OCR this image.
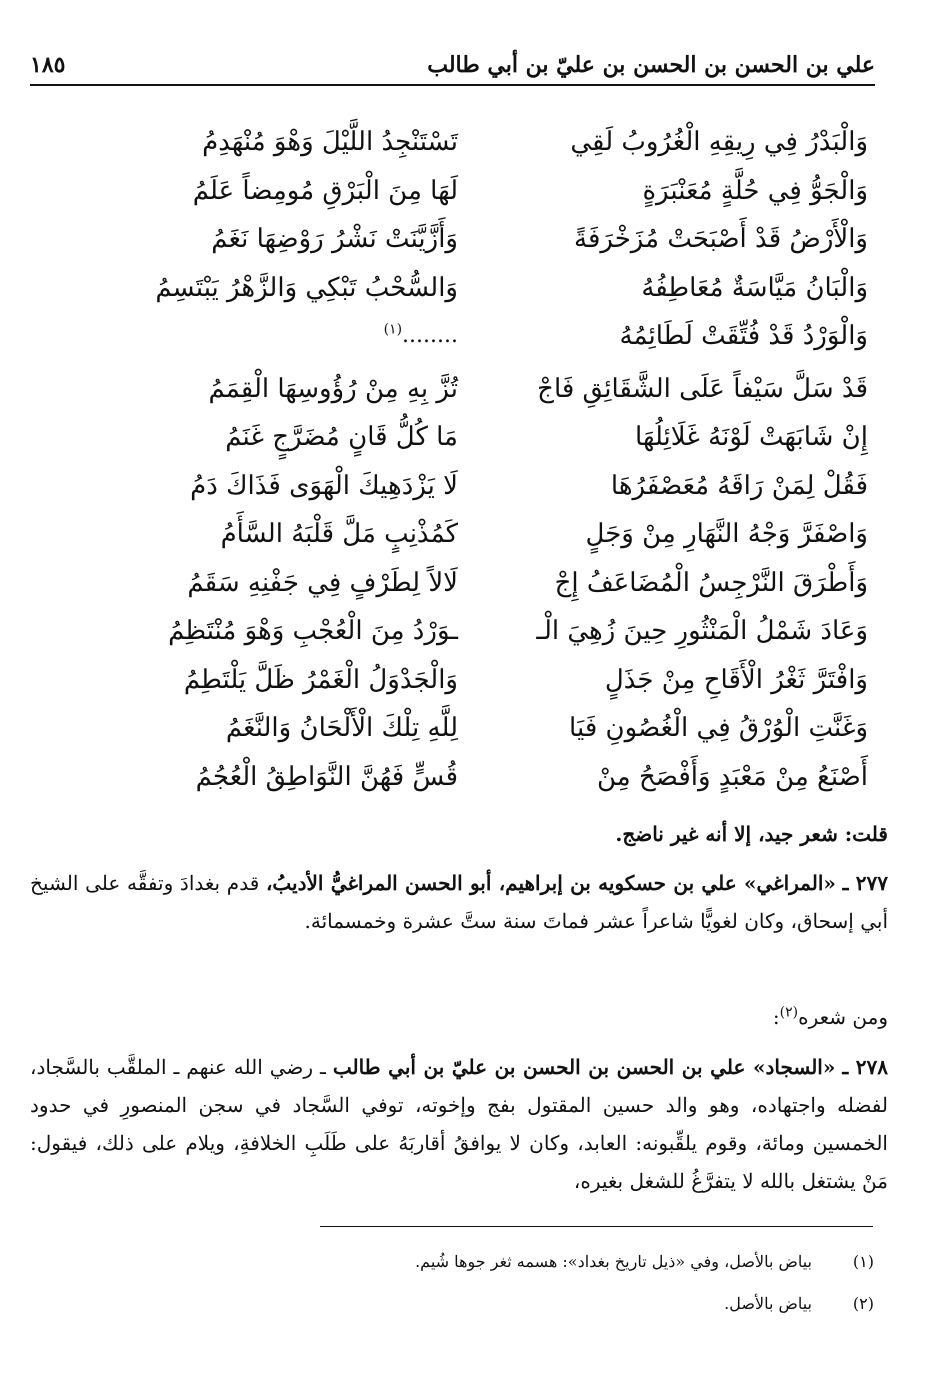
علي بن الحسن بن الحسن بن عليّ بن أبي طالب
١٨٥
وَالْبَدْرُ فِي رِيقِهِ الْغُرُوبُ لَقِي
تَسْتَنْجِدُ اللَّيْلَ وَهْوَ مُنْهَدِمُ
وَالْجَوُّ فِي حُلَّةٍ مُعَنْبَرَةٍ
لَهَا مِنَ الْبَرْقِ مُومِضاً عَلَمُ
وَالْأَرْضُ قَدْ أَصْبَحَتْ مُزَخْرَفَةً
وَأَزَّيَّنَتْ نَشْرُ رَوْضِهَا نَغَمُ
وَالْبَانُ مَيَّاسَةٌ مُعَاطِفُهُ
وَالسُّحْبُ تَبْكِي وَالزَّهْرُ يَبْتَسِمُ
وَالْوَرْدُ قَدْ فُتِّقَتْ لَطَائِمُهُ
........$^{(١)}$
قَدْ سَلَّ سَيْفاً عَلَى الشَّقَائِقِ فَاجْ
تُزَّ بِهِ مِنْ رُؤُوسِهَا الْقِمَمُ
إِنْ شَابَهَتْ لَوْنَهُ غَلَائِلُهَا
مَا كُلُّ قَانٍ مُضَرَّجٍ غَنَمُ
فَقُلْ لِمَنْ رَاقَهُ مُعَصْفَرُهَا
لَا يَزْدَهِيكَ الْهَوَى فَذَاكَ دَمُ
وَاصْفَرَّ وَجْهُ النَّهَارِ مِنْ وَجَلٍ
كَمُذْنِبٍ مَلَّ قَلْبَهُ السَّأَمُ
وَأَطْرَقَ النَّرْجِسُ الْمُضَاعَفُ إِجْ
لَالاً لِطَرْفٍ فِي جَفْنِهِ سَقَمُ
وَعَادَ شَمْلُ الْمَنْثُورِ حِينَ زُهِيَ الْـ
ـوَرْدُ مِنَ الْعُجْبِ وَهْوَ مُنْتَظِمُ
وَافْتَرَّ ثَغْرُ الْأَقَاحِ مِنْ جَذَلٍ
وَالْجَدْوَلُ الْغَمْرُ ظَلَّ يَلْتَطِمُ
وَغَنَّتِ الْوُرْقُ فِي الْغُصُونِ فَيَا
لِلَّهِ تِلْكَ الْأَلْحَانُ وَالنَّغَمُ
أَصْنَعُ مِنْ مَعْبَدٍ وَأَفْصَحُ مِنْ
قُسٍّ فَهُنَّ النَّوَاطِقُ الْعُجُمُ
قلت: شعر جيد، إلا أنه غير ناضج.
٢٧٧ ـ «المراغي» علي بن حسكويه بن إبراهيم، أبو الحسن المراغيُّ الأديبُ، قدم بغدادَ وتفقَّه على الشيخ أبي إسحاق، وكان لغويًّا شاعراً عشر فماتَ سنة ستَّ عشرة وخمسمائة.
ومن شعره$^{(٢)}$:
٢٧٨ ـ «السجاد» علي بن الحسن بن الحسن بن عليّ بن أبي طالب ـ رضي الله عنهم ـ الملقَّب بالسَّجاد، لفضله واجتهاده، وهو والد حسين المقتول بفج وإخوته، توفي السَّجاد في سجن المنصورِ في حدود الخمسين ومائة، وقوم يلقِّبونه: العابد، وكان لا يوافقُ أقاربَهُ على طَلَبِ الخلافةِ، ويلام على ذلك، فيقول: مَنْ يشتغل بالله لا يتفرَّغُ للشغل بغيره،
(١)بياض بالأصل، وفي «ذيل تاريخ بغداد»: هسمه ثغر جوها شُيم.
(٢)بياض بالأصل.
